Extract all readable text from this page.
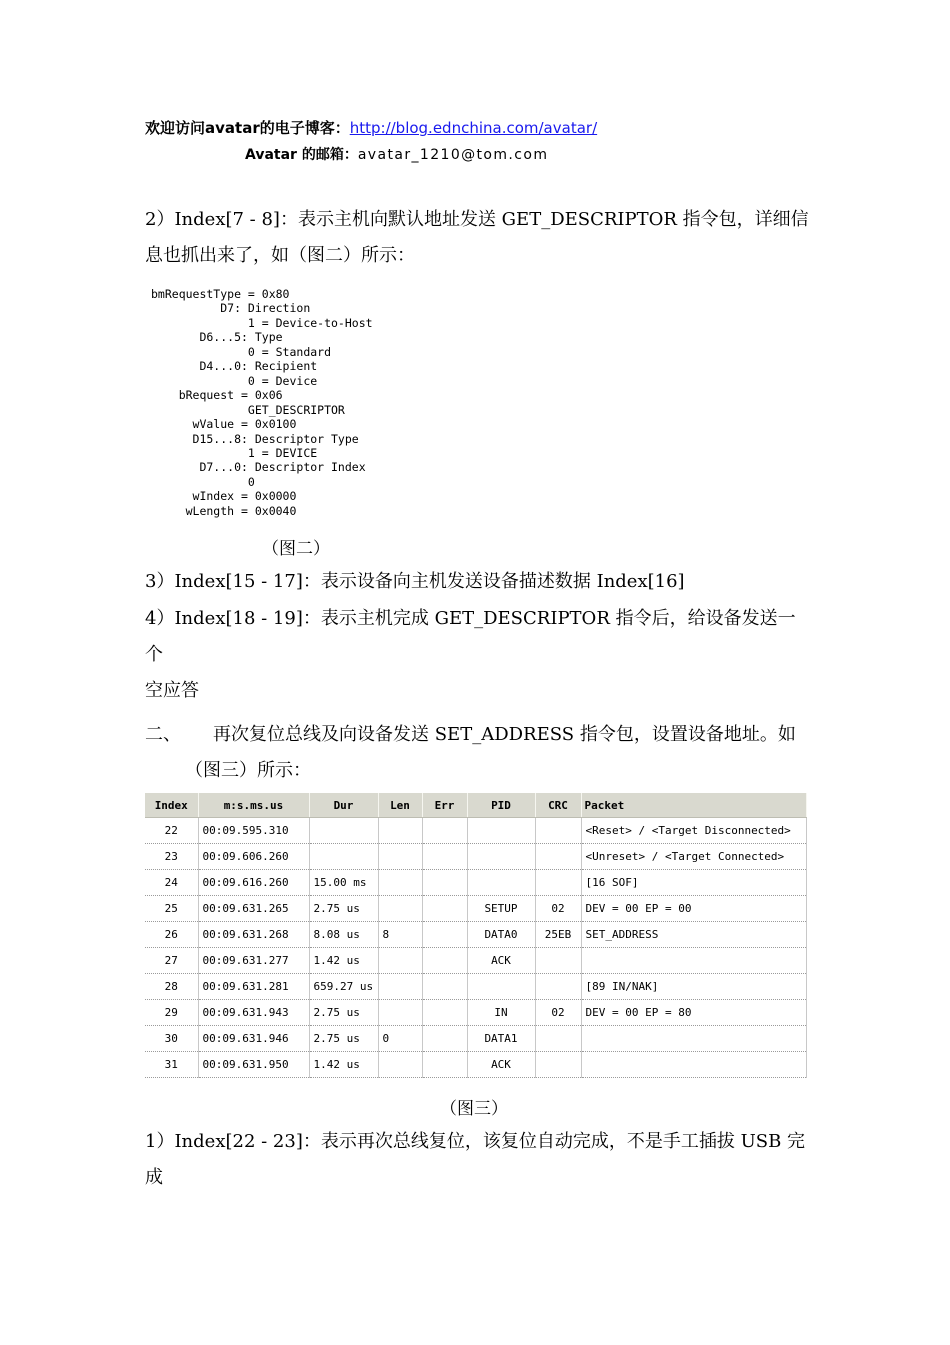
欢迎访问avatar的电子博客：http://blog.ednchina.com/avatar/
Avatar 的邮箱：avatar_1210@tom.com
2）Index[7 - 8]：表示主机向默认地址发送 GET_DESCRIPTOR 指令包，详细信
息也抓出来了，如（图二）所示：
bmRequestType = 0x80
D7: Direction
1 = Device-to-Host
D6...5: Type
0 = Standard
D4...0: Recipient
0 = Device
bRequest = 0x06
GET_DESCRIPTOR
wValue = 0x0100
D15...8: Descriptor Type
1 = DEVICE
D7...0: Descriptor Index
0
wIndex = 0x0000
wLength = 0x0040
（图二）
3）Index[15 - 17]：表示设备向主机发送设备描述数据 Index[16]
4）Index[18 - 19]：表示主机完成 GET_DESCRIPTOR 指令后，给设备发送一个
空应答
二、 再次复位总线及向设备发送 SET_ADDRESS 指令包，设置设备地址。如
（图三）所示：
Index	m:s.ms.us	Dur	Len	Err	PID	CRC	Packet
22	00:09.595.310						<Reset> / <Target Disconnected>
23	00:09.606.260						<Unreset> / <Target Connected>
24	00:09.616.260	15.00 ms					[16 SOF]
25	00:09.631.265	2.75 us			SETUP	02	DEV = 00 EP = 00
26	00:09.631.268	8.08 us	8		DATA0	25EB	SET_ADDRESS
27	00:09.631.277	1.42 us			ACK		
28	00:09.631.281	659.27 us					[89 IN/NAK]
29	00:09.631.943	2.75 us			IN	02	DEV = 00 EP = 80
30	00:09.631.946	2.75 us	0		DATA1		
31	00:09.631.950	1.42 us			ACK		
（图三）
1）Index[22 - 23]：表示再次总线复位，该复位自动完成，不是手工插拔 USB 完
成
